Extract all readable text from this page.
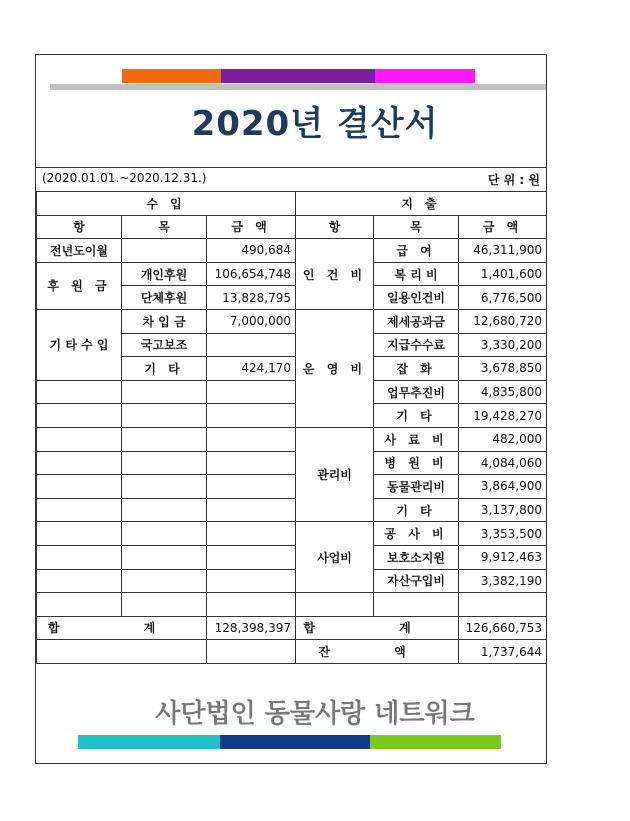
2020년 결산서
(2020.01.01.~2020.12.31.)	단 위 : 원
수 입			지 출		
항	목	금 액	항	목	금 액
전년도이월		490,684	인 건 비	급 여	46,311,900
후 원 금	개인후원	106,654,748		복 리 비	1,401,600
	단체후원	13,828,795		일용인건비	6,776,500
기 타 수 입	차 입 금	7,000,000	운 영 비	제세공과금	12,680,720
	국고보조			지급수수료	3,330,200
	기 타	424,170		잡 화	3,678,850
				업무추진비	4,835,800
				기 타	19,428,270
			관리비	사 료 비	482,000
				병 원 비	4,084,060
				동물관리비	3,864,900
				기 타	3,137,800
			사업비	공 사 비	3,353,500
				보호소지원	9,912,463
				자산구입비	3,382,190

합 계		128,398,397	합 계		126,660,753
			잔 액		1,737,644
사단법인 동물사랑 네트워크
